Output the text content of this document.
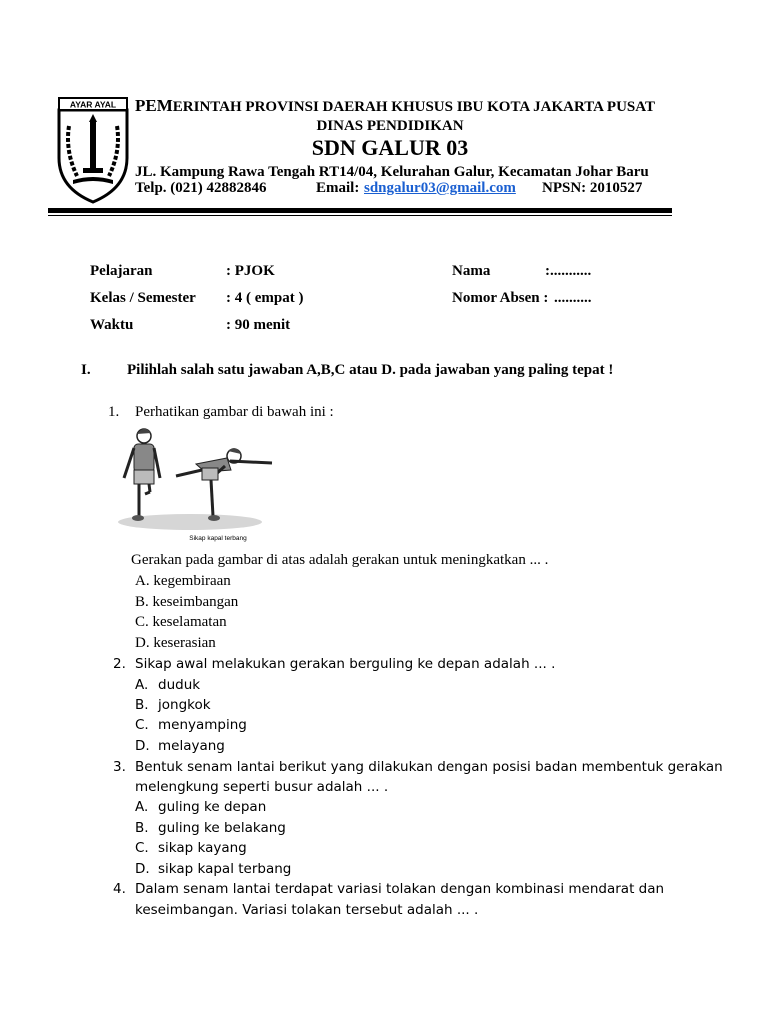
AYAR AYAL PEMERINTAH PROVINSI DAERAH KHUSUS IBU KOTA JAKARTA PUSAT
DINAS PENDIDIKAN
SDN GALUR 03
JL. Kampung Rawa Tengah RT14/04, Kelurahan Galur, Kecamatan Johar Baru
Telp. (021) 42882846	Email: sdngalur03@gmail.com NPSN: 2010527
Pelajaran	: PJOK
Kelas / Semester : 4 ( empat )
Waktu	: 90 menit
Nama	:...........
Nomor Absen : ..........
I. Pilihlah salah satu jawaban A,B,C atau D. pada jawaban yang paling tepat !
1. Perhatikan gambar di bawah ini :
Sikap kapal terbang
Gerakan pada gambar di atas adalah gerakan untuk meningkatkan ... .
A. kegembiraan
B. keseimbangan
C. keselamatan
D. keserasian
2. Sikap awal melakukan gerakan berguling ke depan adalah ... .
A. duduk
B. jongkok
C. menyamping
D. melayang
3. Bentuk senam lantai berikut yang dilakukan dengan posisi badan membentuk gerakan
melengkung seperti busur adalah ... .
A. guling ke depan
B. guling ke belakang
C. sikap kayang
D. sikap kapal terbang
4. Dalam senam lantai terdapat variasi tolakan dengan kombinasi mendarat dan
keseimbangan. Variasi tolakan tersebut adalah ... .
